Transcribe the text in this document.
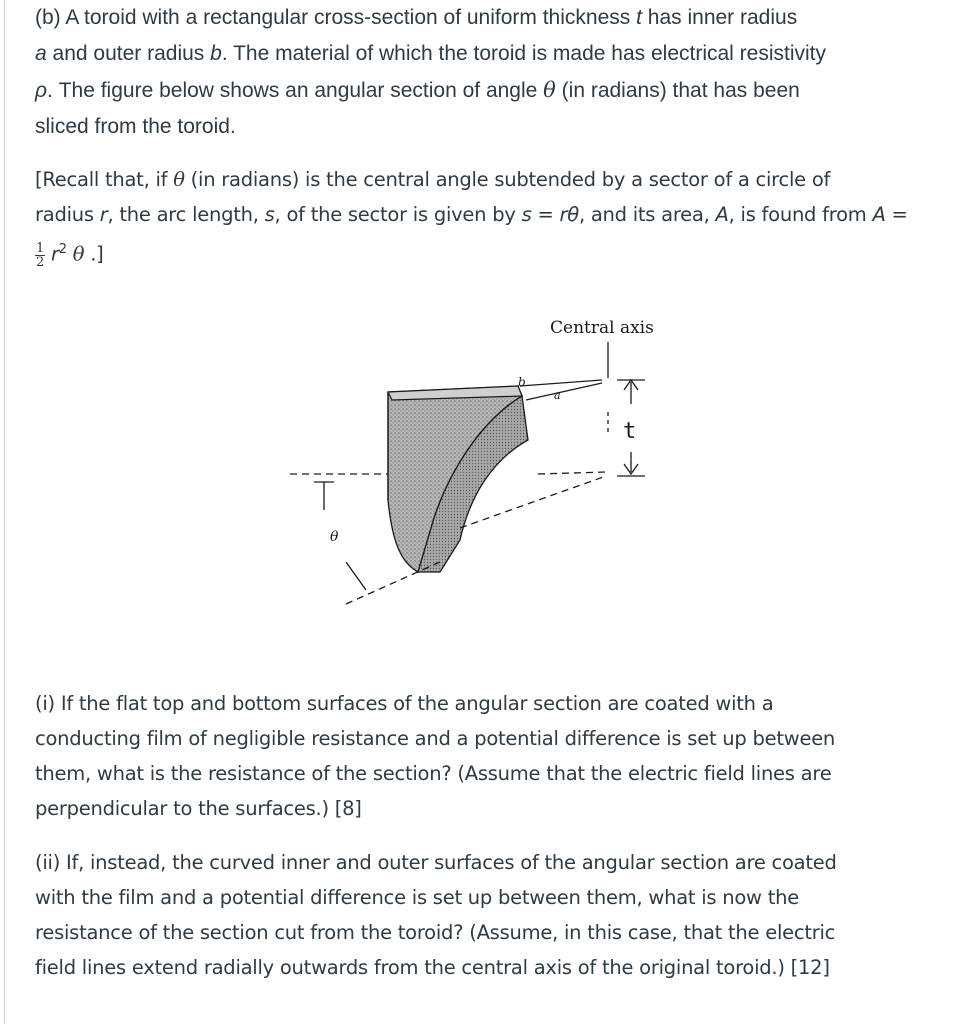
(b) A toroid with a rectangular cross-section of uniform thickness t has inner radius
a and outer radius b. The material of which the toroid is made has electrical resistivity
ρ. The figure below shows an angular section of angle θ (in radians) that has been
sliced from the toroid.
[Recall that, if θ (in radians) is the central angle subtended by a sector of a circle of
radius r, the arc length, s, of the sector is given by s = rθ, and its area, A, is found from A =
$\frac{1}{2} r^2$ θ .]
Central axis
b
a
t
θ
(i) If the flat top and bottom surfaces of the angular section are coated with a
conducting film of negligible resistance and a potential difference is set up between
them, what is the resistance of the section? (Assume that the electric field lines are
perpendicular to the surfaces.) [8]
(ii) If, instead, the curved inner and outer surfaces of the angular section are coated
with the film and a potential difference is set up between them, what is now the
resistance of the section cut from the toroid? (Assume, in this case, that the electric
field lines extend radially outwards from the central axis of the original toroid.) [12]
